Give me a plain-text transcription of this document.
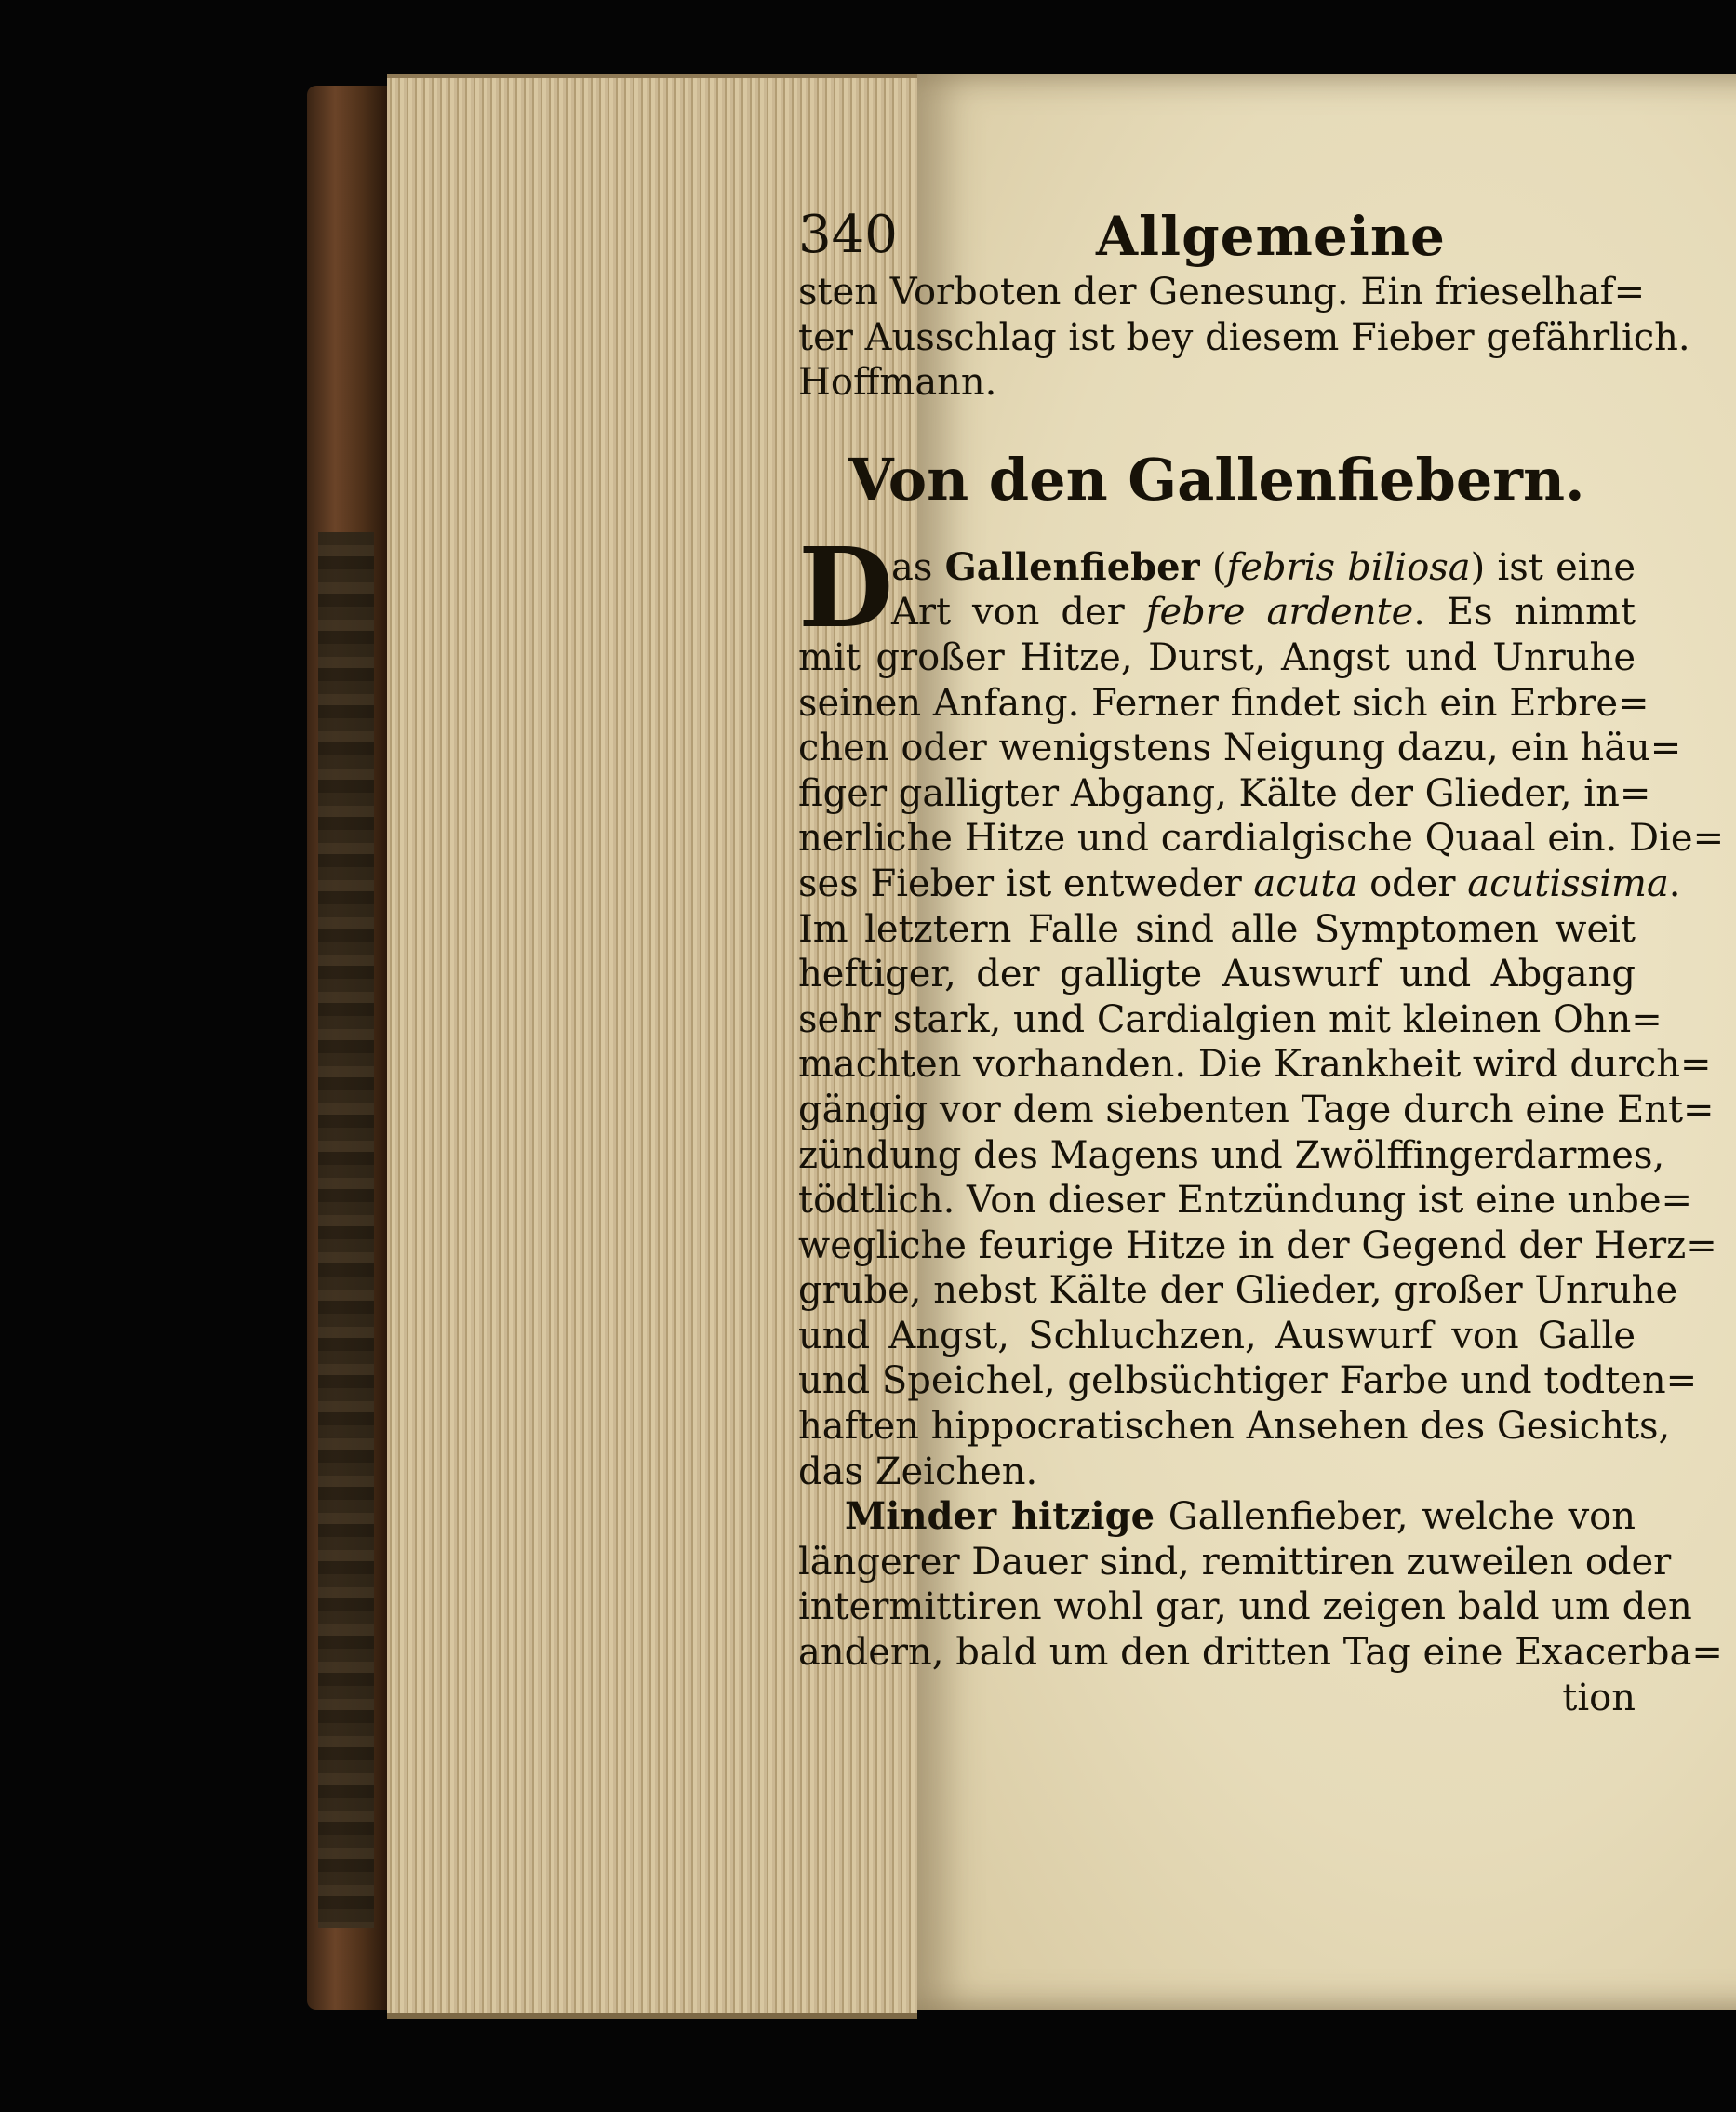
340	Allgemeine
sten Vorboten der Genesung. Ein frieselhaf=
ter Ausschlag ist bey diesem Fieber gefährlich.
Hoffmann.
Von den Gallenfiebern.
D
as Gallenfieber (febris biliosa) ist eine
Art von der febre ardente. Es nimmt
mit großer Hitze, Durst, Angst und Unruhe
seinen Anfang. Ferner findet sich ein Erbre=
chen oder wenigstens Neigung dazu, ein häu=
figer galligter Abgang, Kälte der Glieder, in=
nerliche Hitze und cardialgische Quaal ein. Die=
ses Fieber ist entweder acuta oder acutissima.
Im letztern Falle sind alle Symptomen weit
heftiger, der galligte Auswurf und Abgang
sehr stark, und Cardialgien mit kleinen Ohn=
machten vorhanden. Die Krankheit wird durch=
gängig vor dem siebenten Tage durch eine Ent=
zündung des Magens und Zwölffingerdarmes,
tödtlich. Von dieser Entzündung ist eine unbe=
wegliche feurige Hitze in der Gegend der Herz=
grube, nebst Kälte der Glieder, großer Unruhe
und Angst, Schluchzen, Auswurf von Galle
und Speichel, gelbsüchtiger Farbe und todten=
haften hippocratischen Ansehen des Gesichts,
das Zeichen.
Minder hitzige Gallenfieber, welche von
längerer Dauer sind, remittiren zuweilen oder
intermittiren wohl gar, und zeigen bald um den
andern, bald um den dritten Tag eine Exacerba=
tion
